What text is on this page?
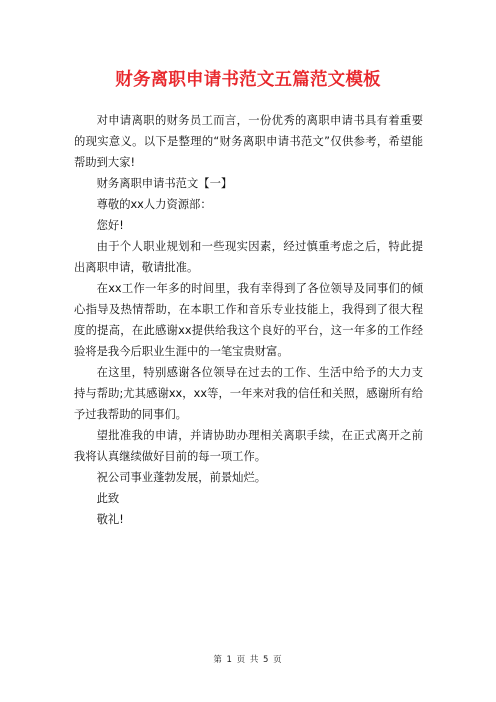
财务离职申请书范文五篇范文模板

对申请离职的财务员工而言，一份优秀的离职申请书具有着重要的现实意义。以下是整理的“财务离职申请书范文”仅供参考，希望能帮助到大家!

财务离职申请书范文【一】

尊敬的xx人力资源部：

您好!

由于个人职业规划和一些现实因素，经过慎重考虑之后，特此提出离职申请，敬请批准。

在xx工作一年多的时间里，我有幸得到了各位领导及同事们的倾心指导及热情帮助，在本职工作和音乐专业技能上，我得到了很大程度的提高，在此感谢xx提供给我这个良好的平台，这一年多的工作经验将是我今后职业生涯中的一笔宝贵财富。

在这里，特别感谢各位领导在过去的工作、生活中给予的大力支持与帮助;尤其感谢xx，xx等，一年来对我的信任和关照，感谢所有给予过我帮助的同事们。

望批准我的申请，并请协助办理相关离职手续，在正式离开之前我将认真继续做好目前的每一项工作。

祝公司事业蓬勃发展，前景灿烂。

此致

敬礼!

第 1 页 共 5 页
